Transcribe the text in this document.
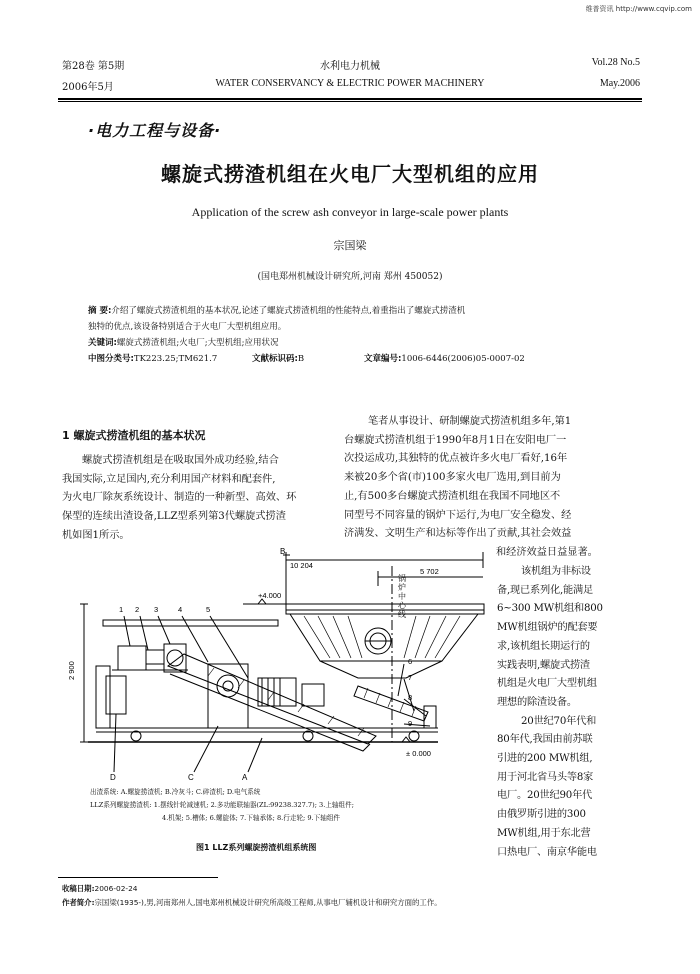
维普资讯 http://www.cqvip.com
第28卷 第5期
2006年5月
水利电力机械
WATER CONSERVANCY & ELECTRIC POWER MACHINERY
Vol.28 No.5
May.2006
·电力工程与设备·
螺旋式捞渣机组在火电厂大型机组的应用
Application of the screw ash conveyor in large-scale power plants
宗国梁
(国电郑州机械设计研究所,河南 郑州 450052)
摘 要:介绍了螺旋式捞渣机组的基本状况,论述了螺旋式捞渣机组的性能特点,着重指出了螺旋式捞渣机
独特的优点,该设备特别适合于火电厂大型机组应用。
关键词:螺旋式捞渣机组;火电厂;大型机组;应用状况
中图分类号:TK223.25;TM621.7	文献标识码:B	文章编号:1006-6446(2006)05-0007-02
1 螺旋式捞渣机组的基本状况
螺旋式捞渣机组是在吸取国外成功经验,结合
我国实际,立足国内,充分利用国产材料和配套件,
为火电厂除灰系统设计、制造的一种新型、高效、环
保型的连续出渣设备,LLZ型系列第3代螺旋式捞渣
机如图1所示。
笔者从事设计、研制螺旋式捞渣机组多年,第1
台螺旋式捞渣机组于1990年8月1日在安阳电厂一
次投运成功,其独特的优点被许多火电厂看好,16年
来被20多个省(市)100多家火电厂选用,到目前为
止,有500多台螺旋式捞渣机组在我国不同地区不
同型号不同容量的锅炉下运行,为电厂安全稳发、经
济满发、文明生产和达标等作出了贡献,其社会效益
和经济效益日益显著。
该机组为非标设
备,现已系列化,能满足
6~300 MW机组和800
MW机组锅炉的配套要
求,该机组长期运行的
实践表明,螺旋式捞渣
机组是火电厂大型机组
理想的除渣设备。
20世纪70年代和
80年代,我国由前苏联
引进的200 MW机组,
用于河北省马头等8家
电厂。20世纪90年代
由俄罗斯引进的300
MW机组,用于东北营
口热电厂、南京华能电
10 204
5 702
+4.000
± 0.000
2 900
B
1 2 3	4	5
6
7
8
9
D	C	A
锅炉中心线
出渣系统: A.螺旋捞渣机; B.冷灰斗; C.碎渣机; D.电气系统
LLZ系列螺旋捞渣机: 1.摆线针轮减速机; 2.多功能联轴器(ZL:99238.327.7); 3.上轴组件;
4.机架; 5.槽体; 6.螺旋体; 7.下轴承体; 8.行走轮; 9.下轴组件
图1 LLZ系列螺旋捞渣机组系统图
收稿日期:2006-02-24
作者简介:宗国梁(1935-),男,河南郑州人,国电郑州机械设计研究所高级工程师,从事电厂辅机设计和研究方面的工作。
